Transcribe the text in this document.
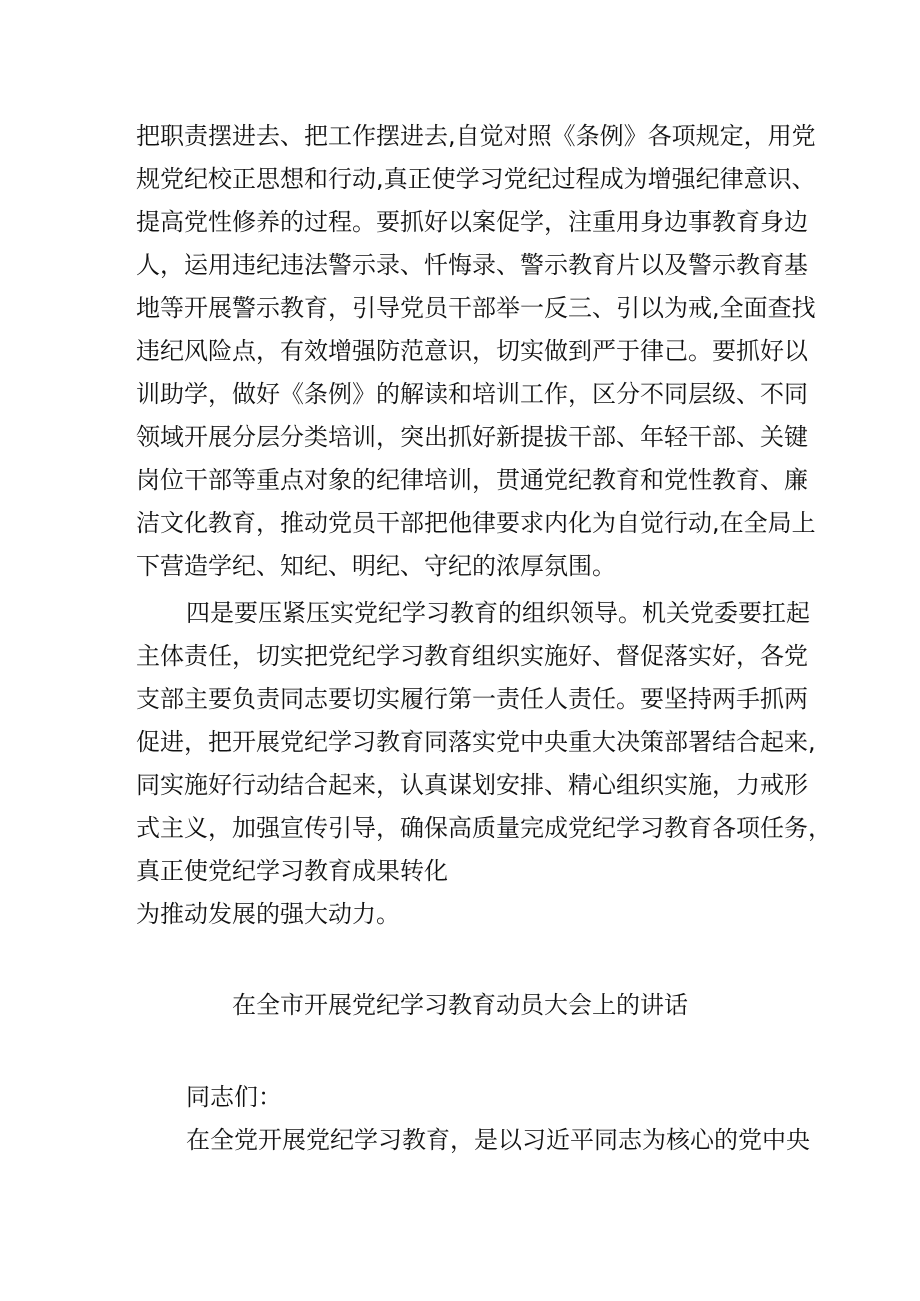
把职责摆进去、把工作摆进去,自觉对照《条例》各项规定，用党
规党纪校正思想和行动,真正使学习党纪过程成为增强纪律意识、
提高党性修养的过程。要抓好以案促学，注重用身边事教育身边
人，运用违纪违法警示录、忏悔录、警示教育片以及警示教育基
地等开展警示教育，引导党员干部举一反三、引以为戒,全面查找
违纪风险点，有效增强防范意识，切实做到严于律己。要抓好以
训助学，做好《条例》的解读和培训工作，区分不同层级、不同
领域开展分层分类培训，突出抓好新提拔干部、年轻干部、关键
岗位干部等重点对象的纪律培训，贯通党纪教育和党性教育、廉
洁文化教育，推动党员干部把他律要求内化为自觉行动,在全局上
下营造学纪、知纪、明纪、守纪的浓厚氛围。
四是要压紧压实党纪学习教育的组织领导。机关党委要扛起
主体责任，切实把党纪学习教育组织实施好、督促落实好，各党
支部主要负责同志要切实履行第一责任人责任。要坚持两手抓两
促进，把开展党纪学习教育同落实党中央重大决策部署结合起来,
同实施好行动结合起来，认真谋划安排、精心组织实施，力戒形
式主义，加强宣传引导，确保高质量完成党纪学习教育各项任务，
真正使党纪学习教育成果转化
为推动发展的强大动力。
在全市开展党纪学习教育动员大会上的讲话
同志们：
在全党开展党纪学习教育，是以习近平同志为核心的党中央
